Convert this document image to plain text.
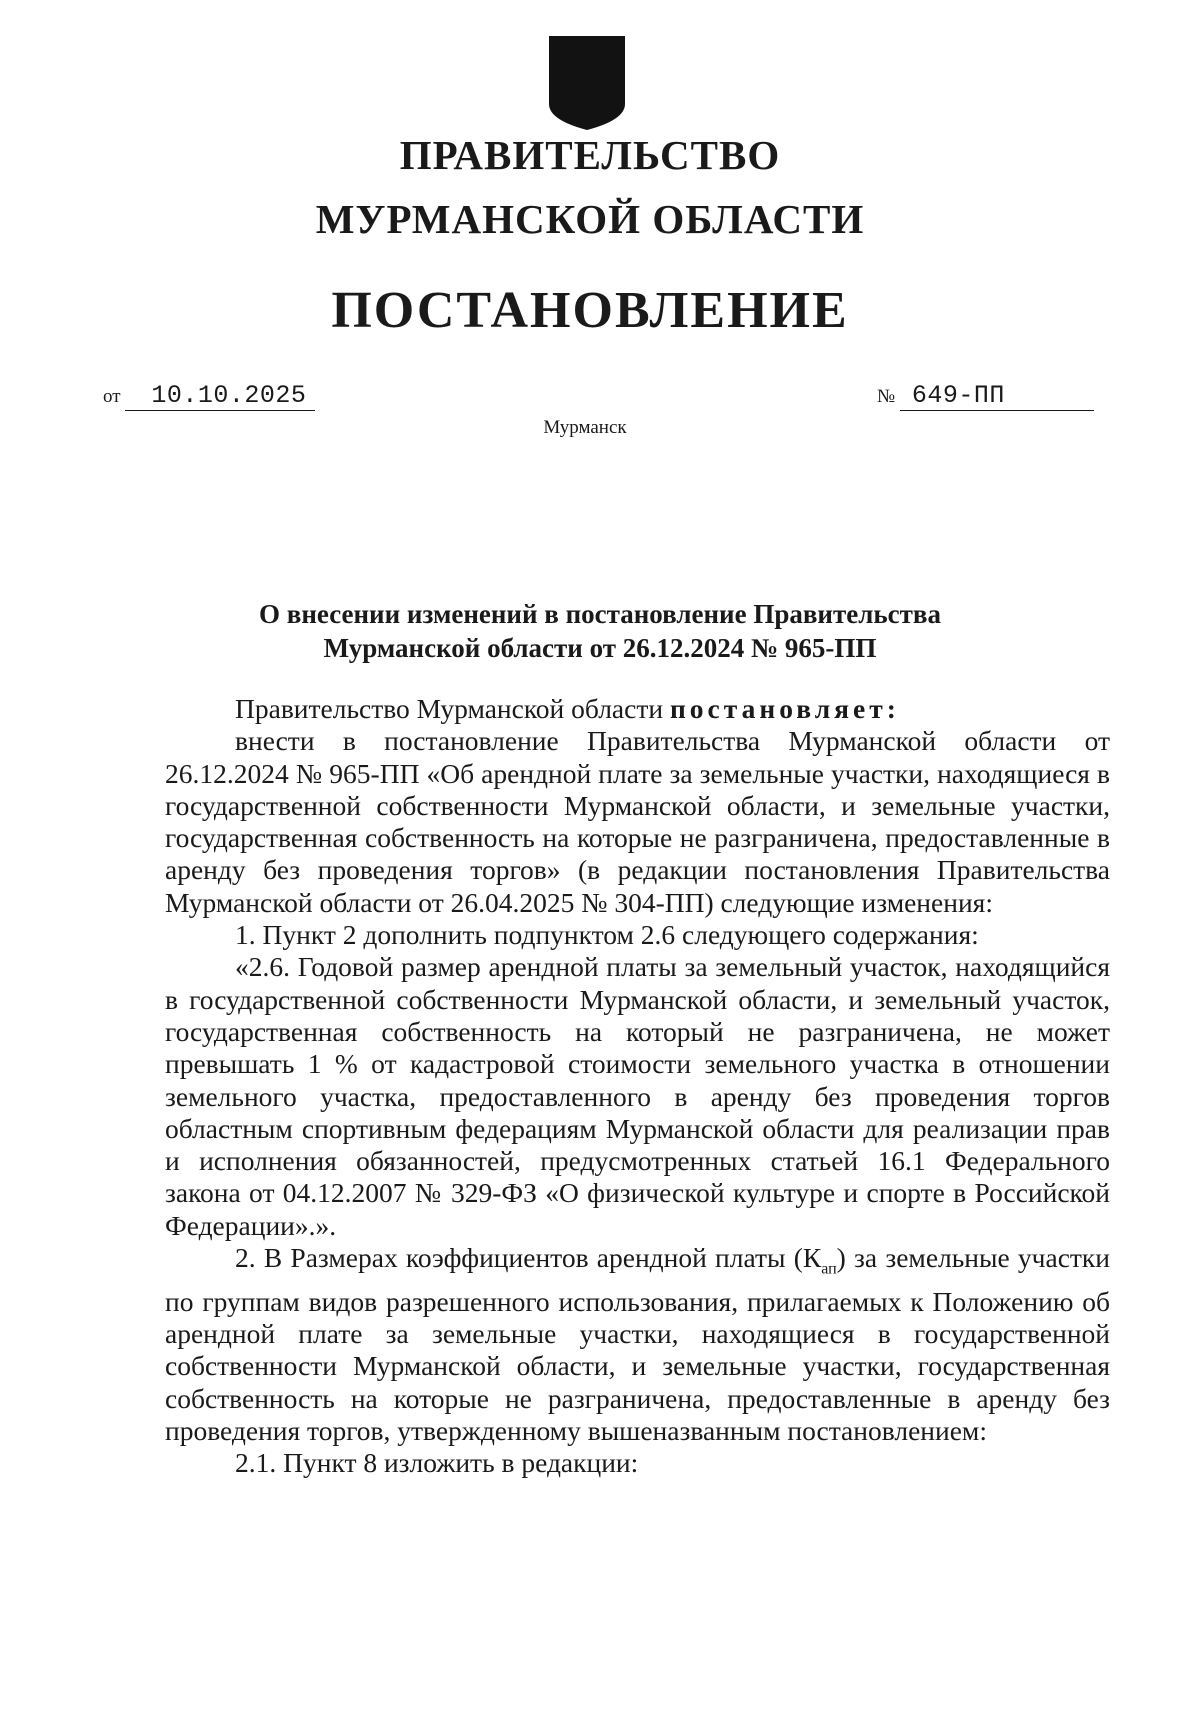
ПРАВИТЕЛЬСТВО
МУРМАНСКОЙ ОБЛАСТИ
ПОСТАНОВЛЕНИЕ
от 10.10.2025	№ 649-ПП
Мурманск
О внесении изменений в постановление Правительства
Мурманской области от 26.12.2024 № 965-ПП

Правительство Мурманской области постановляет:

внести в постановление Правительства Мурманской области от 26.12.2024 № 965-ПП «Об арендной плате за земельные участки, находящиеся в государственной собственности Мурманской области, и земельные участки, государственная собственность на которые не разграничена, предоставленные в аренду без проведения торгов» (в редакции постановления Правительства Мурманской области от 26.04.2025 № 304-ПП) следующие изменения:

1. Пункт 2 дополнить подпунктом 2.6 следующего содержания:

«2.6. Годовой размер арендной платы за земельный участок, находящийся в государственной собственности Мурманской области, и земельный участок, государственная собственность на который не разграничена, не может превышать 1 % от кадастровой стоимости земельного участка в отношении земельного участка, предоставленного в аренду без проведения торгов областным спортивным федерациям Мурманской области для реализации прав и исполнения обязанностей, предусмотренных статьей 16.1 Федерального закона от 04.12.2007 № 329-ФЗ «О физической культуре и спорте в Российской Федерации».».

2. В Размерах коэффициентов арендной платы $(К_{ап})$ за земельные участки по группам видов разрешенного использования, прилагаемых к Положению об арендной плате за земельные участки, находящиеся в государственной собственности Мурманской области, и земельные участки, государственная собственность на которые не разграничена, предоставленные в аренду без проведения торгов, утвержденному вышеназванным постановлением:

2.1. Пункт 8 изложить в редакции:
